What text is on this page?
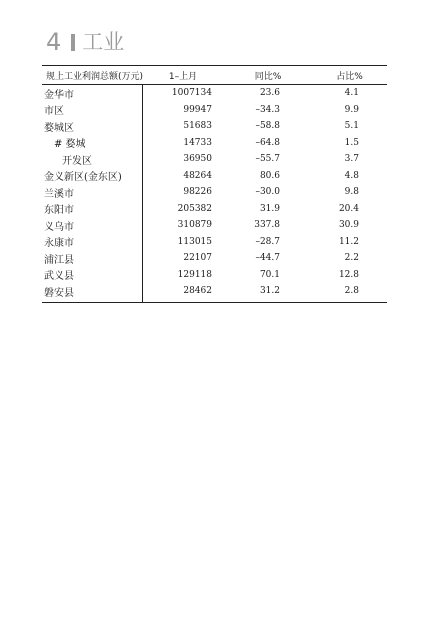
4 工业
规上工业利润总额(万元)	1–上月	同比%	占比%
金华市	1007134	23.6	4.1
市区	99947	–34.3	9.9
婺城区	51683	–58.8	5.1
# 婺城	14733	–64.8	1.5
开发区	36950	–55.7	3.7
金义新区(金东区)	48264	80.6	4.8
兰溪市	98226	–30.0	9.8
东阳市	205382	31.9	20.4
义乌市	310879	337.8	30.9
永康市	113015	–28.7	11.2
浦江县	22107	–44.7	2.2
武义县	129118	70.1	12.8
磐安县	28462	31.2	2.8
